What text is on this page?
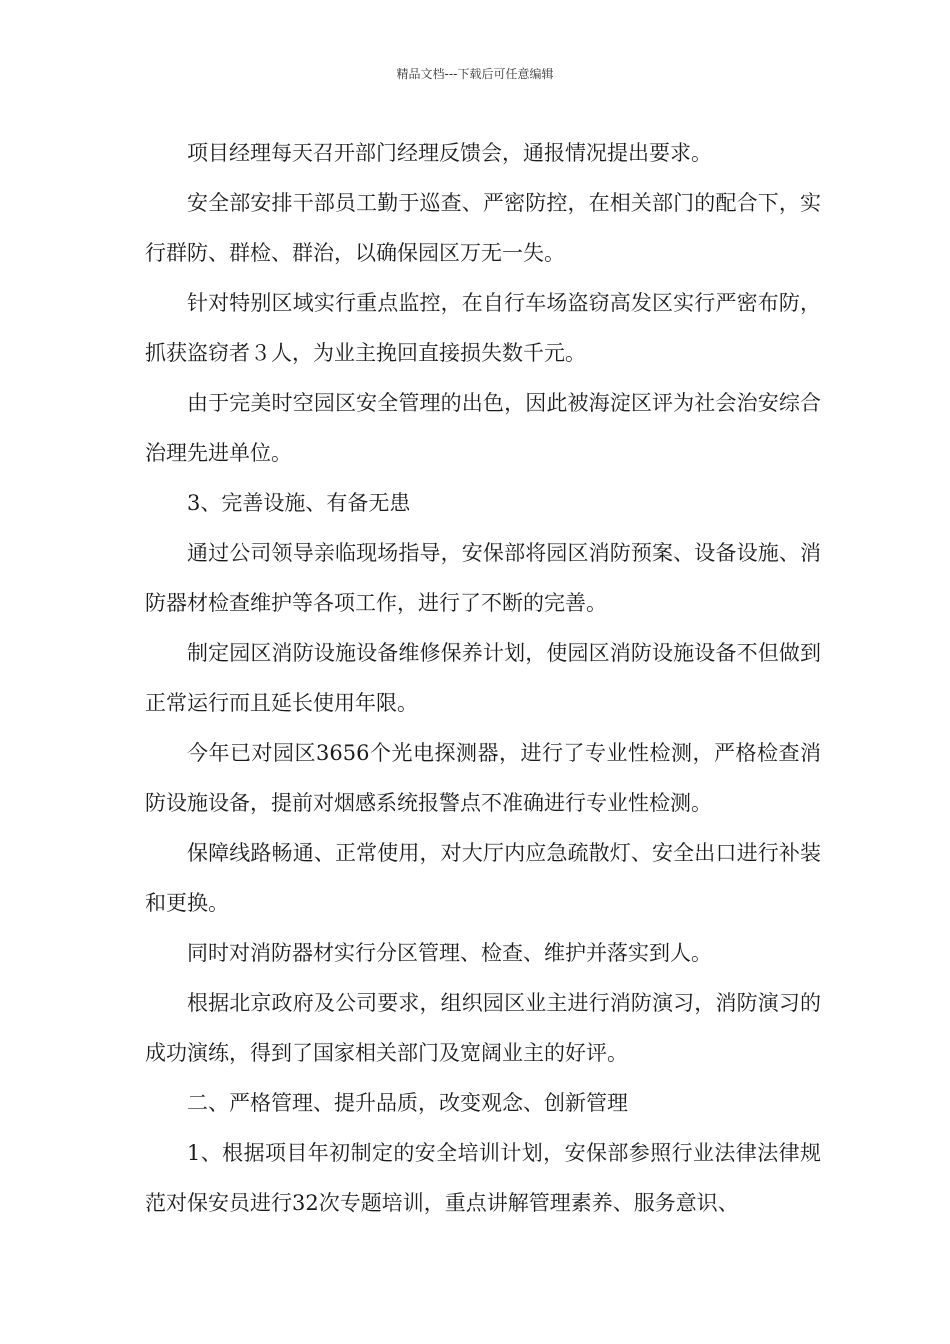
精品文档---下载后可任意编辑

项目经理每天召开部门经理反馈会，通报情况提出要求。

安全部安排干部员工勤于巡查、严密防控，在相关部门的配合下，实行群防、群检、群治，以确保园区万无一失。

针对特别区域实行重点监控，在自行车场盗窃高发区实行严密布防，抓获盗窃者３人，为业主挽回直接损失数千元。

由于完美时空园区安全管理的出色，因此被海淀区评为社会治安综合治理先进单位。

3、完善设施、有备无患

通过公司领导亲临现场指导，安保部将园区消防预案、设备设施、消防器材检查维护等各项工作，进行了不断的完善。

制定园区消防设施设备维修保养计划，使园区消防设施设备不但做到正常运行而且延长使用年限。

今年已对园区3656个光电探测器，进行了专业性检测，严格检查消防设施设备，提前对烟感系统报警点不准确进行专业性检测。

保障线路畅通、正常使用，对大厅内应急疏散灯、安全出口进行补装和更换。

同时对消防器材实行分区管理、检查、维护并落实到人。

根据北京政府及公司要求，组织园区业主进行消防演习，消防演习的成功演练，得到了国家相关部门及宽阔业主的好评。

二、严格管理、提升品质，改变观念、创新管理

1、根据项目年初制定的安全培训计划，安保部参照行业法律法律规范对保安员进行32次专题培训，重点讲解管理素养、服务意识、
